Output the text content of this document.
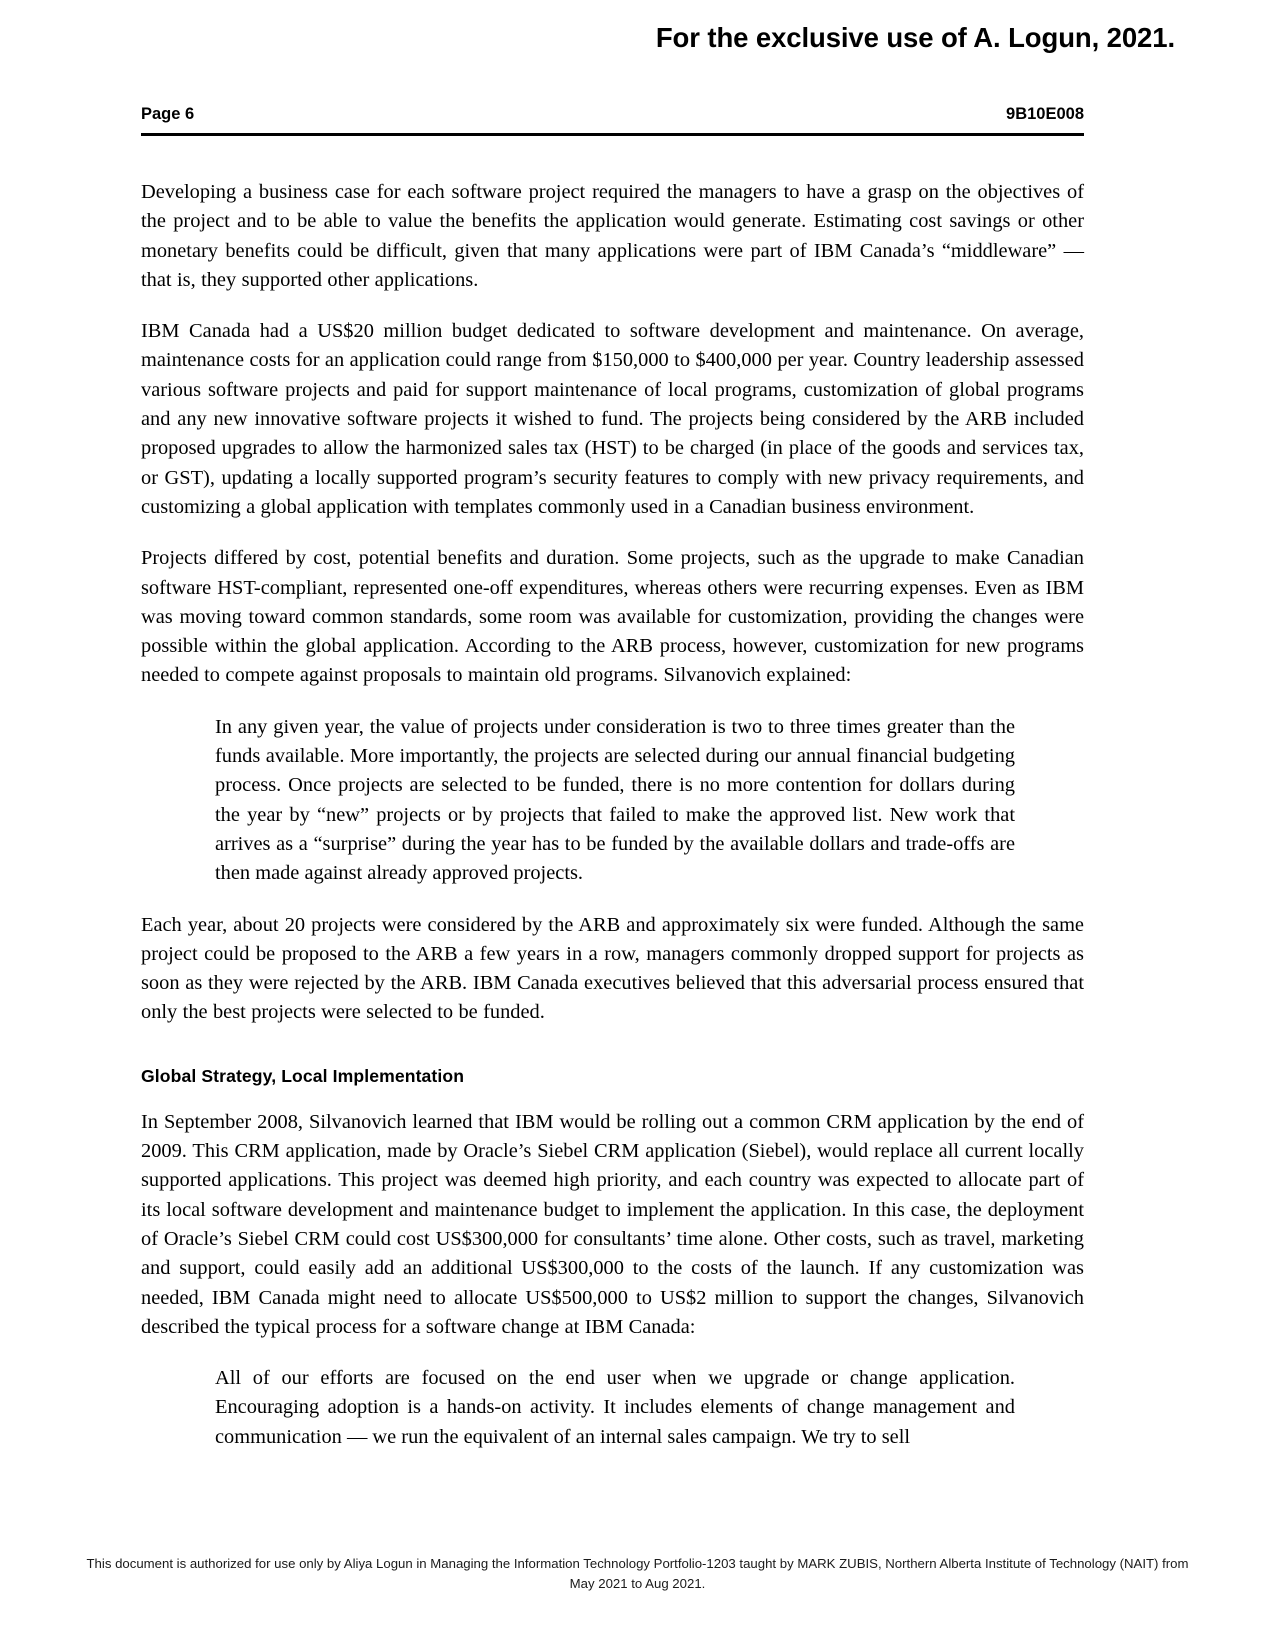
For the exclusive use of A. Logun, 2021.
Page 6	9B10E008

Developing a business case for each software project required the managers to have a grasp on the objectives of the project and to be able to value the benefits the application would generate. Estimating cost savings or other monetary benefits could be difficult, given that many applications were part of IBM Canada’s “middleware” — that is, they supported other applications.

IBM Canada had a US$20 million budget dedicated to software development and maintenance. On average, maintenance costs for an application could range from $150,000 to $400,000 per year. Country leadership assessed various software projects and paid for support maintenance of local programs, customization of global programs and any new innovative software projects it wished to fund. The projects being considered by the ARB included proposed upgrades to allow the harmonized sales tax (HST) to be charged (in place of the goods and services tax, or GST), updating a locally supported program’s security features to comply with new privacy requirements, and customizing a global application with templates commonly used in a Canadian business environment.

Projects differed by cost, potential benefits and duration. Some projects, such as the upgrade to make Canadian software HST-compliant, represented one-off expenditures, whereas others were recurring expenses. Even as IBM was moving toward common standards, some room was available for customization, providing the changes were possible within the global application. According to the ARB process, however, customization for new programs needed to compete against proposals to maintain old programs. Silvanovich explained:

In any given year, the value of projects under consideration is two to three times greater than the funds available. More importantly, the projects are selected during our annual financial budgeting process. Once projects are selected to be funded, there is no more contention for dollars during the year by “new” projects or by projects that failed to make the approved list. New work that arrives as a “surprise” during the year has to be funded by the available dollars and trade-offs are then made against already approved projects.

Each year, about 20 projects were considered by the ARB and approximately six were funded. Although the same project could be proposed to the ARB a few years in a row, managers commonly dropped support for projects as soon as they were rejected by the ARB. IBM Canada executives believed that this adversarial process ensured that only the best projects were selected to be funded.

Global Strategy, Local Implementation

In September 2008, Silvanovich learned that IBM would be rolling out a common CRM application by the end of 2009. This CRM application, made by Oracle’s Siebel CRM application (Siebel), would replace all current locally supported applications. This project was deemed high priority, and each country was expected to allocate part of its local software development and maintenance budget to implement the application. In this case, the deployment of Oracle’s Siebel CRM could cost US$300,000 for consultants’ time alone. Other costs, such as travel, marketing and support, could easily add an additional US$300,000 to the costs of the launch. If any customization was needed, IBM Canada might need to allocate US$500,000 to US$2 million to support the changes, Silvanovich described the typical process for a software change at IBM Canada:

All of our efforts are focused on the end user when we upgrade or change application. Encouraging adoption is a hands-on activity. It includes elements of change management and communication — we run the equivalent of an internal sales campaign. We try to sell

This document is authorized for use only by Aliya Logun in Managing the Information Technology Portfolio-1203 taught by MARK ZUBIS, Northern Alberta Institute of Technology (NAIT) from
May 2021 to Aug 2021.
